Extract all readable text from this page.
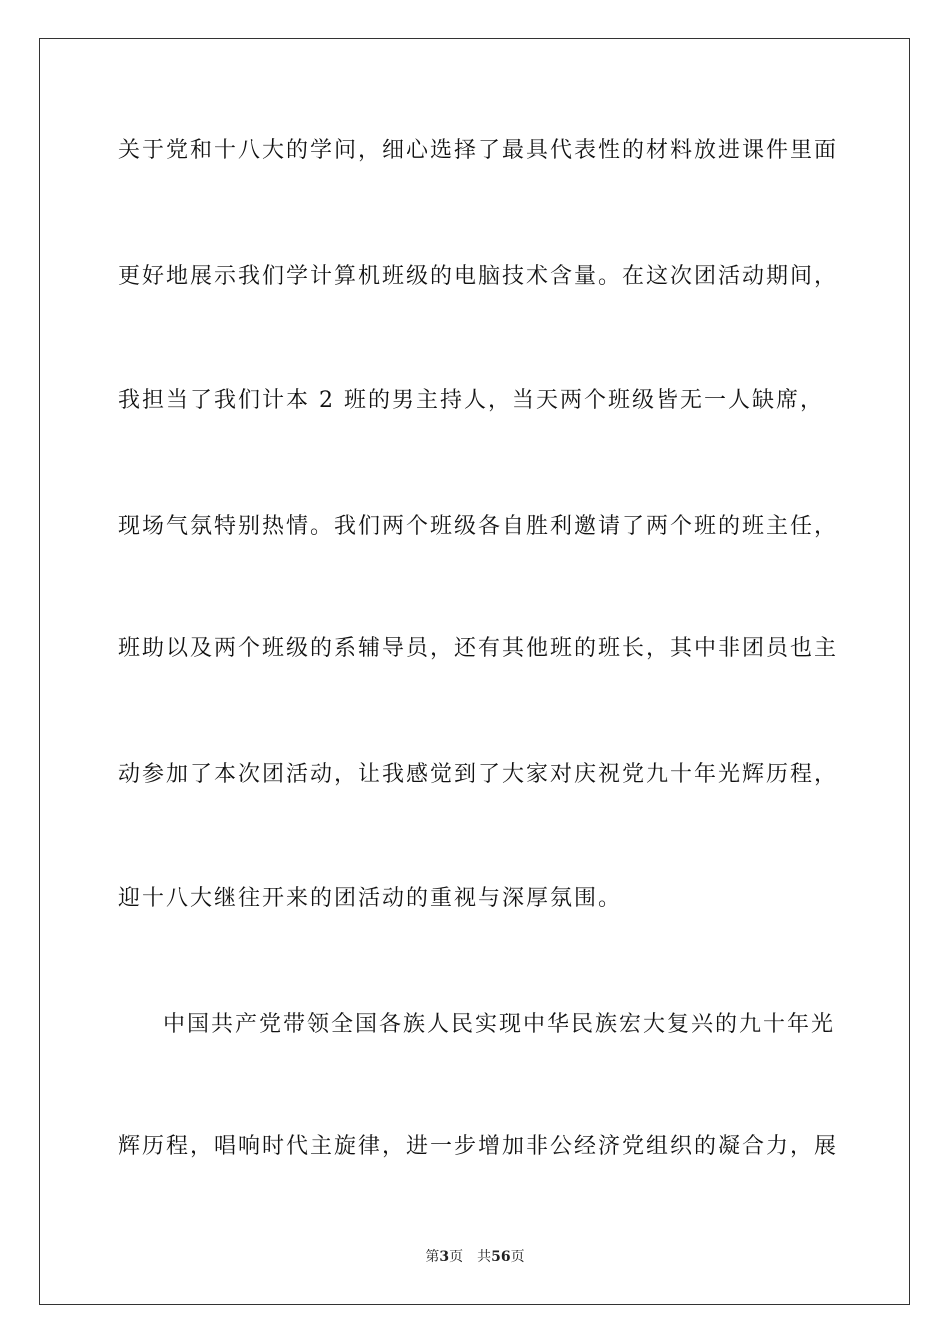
关于党和十八大的学问，细心选择了最具代表性的材料放进课件里面
更好地展示我们学计算机班级的电脑技术含量。在这次团活动期间，
我担当了我们计本 2 班的男主持人，当天两个班级皆无一人缺席，
现场气氛特别热情。我们两个班级各自胜利邀请了两个班的班主任，
班助以及两个班级的系辅导员，还有其他班的班长，其中非团员也主
动参加了本次团活动，让我感觉到了大家对庆祝党九十年光辉历程，
迎十八大继往开来的团活动的重视与深厚氛围。
中国共产党带领全国各族人民实现中华民族宏大复兴的九十年光
辉历程，唱响时代主旋律，进一步增加非公经济党组织的凝合力，展
第3页 共56页
